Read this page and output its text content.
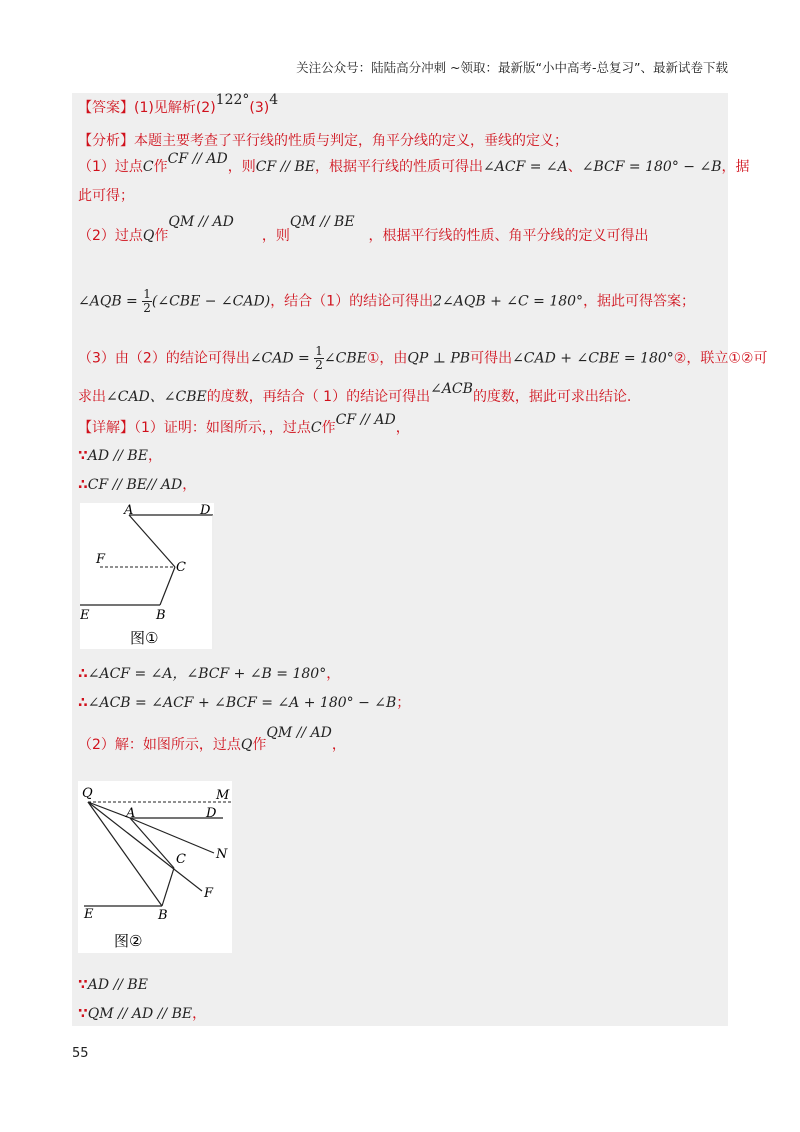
关注公众号：陆陆高分冲刺 ~领取：最新版“小中高考-总复习”、最新试卷下载
【答案】(1)见解析(2)122°(3)4
【分析】本题主要考查了平行线的性质与判定，角平分线的定义，垂线的定义；
（1）过点C作CF // AD，则CF // BE，根据平行线的性质可得出∠ACF = ∠A、∠BCF = 180° − ∠B，据
此可得；
（2）过点Q作QM // AD，则QM // BE，根据平行线的性质、角平分线的定义可得出
∠AQB = $\frac{1}{2}$ (∠CBE − ∠CAD)，结合（1）的结论可得出2∠AQB + ∠C = 180°，据此可得答案；
（3）由（2）的结论可得出∠CAD = $\frac{1}{2}$ ∠CBE①，由QP ⊥ PB可得出∠CAD + ∠CBE = 180°②，联立①②可
求出∠CAD、∠CBE的度数，再结合（ 1）的结论可得出∠ACB的度数，据此可求出结论.
【详解】（1）证明：如图所示，，过点C作CF // AD，
∵AD // BE，
∴CF // BE// AD，
A	D
F
C
E	B
图①
∴∠ACF = ∠A，∠BCF + ∠B = 180°，
∴∠ACB = ∠ACF + ∠BCF = ∠A + 180° − ∠B；
（2）解：如图所示，过点Q作QM // AD，
Q	M
A	D
N
C
F
E	B
图②
∵AD // BE
∵QM // AD // BE，
55
